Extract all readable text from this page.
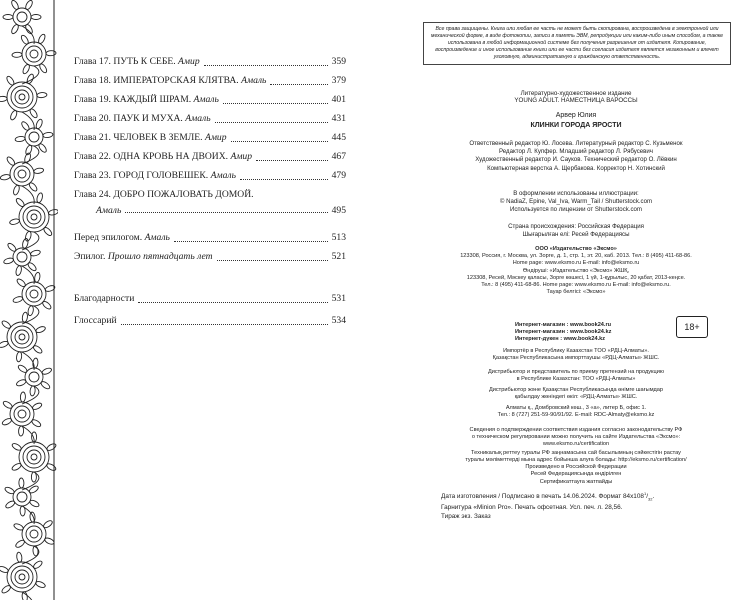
Глава 17. ПУТЬ К СЕБЕ. Амир	359
Глава 18. ИМПЕРАТОРСКАЯ КЛЯТВА. Амаль	379
Глава 19. КАЖДЫЙ ШРАМ. Амаль	401
Глава 20. ПАУК И МУХА. Амаль	431
Глава 21. ЧЕЛОВЕК В ЗЕМЛЕ. Амир	445
Глава 22. ОДНА КРОВЬ НА ДВОИХ. Амир	467
Глава 23. ГОРОД ГОЛОВЕШЕК. Амаль	479
Глава 24. ДОБРО ПОЖАЛОВАТЬ ДОМОЙ.
Амаль	495
Перед эпилогом. Амаль	513
Эпилог. Прошло пятнадцать лет	521
Благодарности	531
Глоссарий	534
Все права защищены. Книга или любая ее часть не может быть скопирована, воспроизведена в электронной или механической форме, в виде фотокопии, записи в память ЭВМ, репродукции или каким-либо иным способом, а также использована в любой информационной системе без получения разрешения от издателя. Копирование, воспроизведение и иное использование книги или ее части без согласия издателя является незаконным и влечет уголовную, административную и гражданскую ответственность.
Литературно-художественное издание
YOUNG ADULT. НАМЕСТНИЦА ВАРОССЫ
Арвер Юлия
КЛИНКИ ГОРОДА ЯРОСТИ
Ответственный редактор Ю. Лосева. Литературный редактор С. Кузьменок
Редактор Л. Купфер. Младший редактор Л. Рябусевич
Художественный редактор И. Сауков. Технический редактор О. Лёвкин
Компьютерная верстка А. Щербакова. Корректор Н. Хотинский
В оформлении использованы иллюстрации:
© NadiaZ, Epine, Val_Iva, Warm_Tail / Shutterstock.com
Используется по лицензии от Shutterstock.com
Страна происхождения: Российская Федерация
Шығарылған елі: Ресей Федерациясы
ООО «Издательство «Эксмо»
123308, Россия, г. Москва, ул. Зорге, д. 1, стр. 1, эт. 20, каб. 2013. Тел.: 8 (495) 411-68-86.
Home page: www.eksmo.ru E-mail: info@eksmo.ru
Өндіруші: «Издательство «Эксмо» ЖШҚ,
123308, Ресей, Мәскеу қаласы, Зорге көшесі, 1 үй, 1-құрылыс, 20 қабат, 2013-кеңсе.
Тел.: 8 (495) 411-68-86. Home page: www.eksmo.ru E-mail: info@eksmo.ru.
Тауар белгісі: «Эксмо»
Интернет-магазин : www.book24.ru
Интернет-магазин : www.book24.kz
Интернет-дүкен : www.book24.kz
18+
Импортёр в Республику Казахстан ТОО «РДЦ-Алматы».
Қазақстан Республикасына импорттаушы «РДЦ-Алматы» ЖШС.
Дистрибьютор и представитель по приему претензий на продукцию
в Республике Казахстан: ТОО «РДЦ-Алматы»
Дистрибьютор және Қазақстан Республикасында өнімге шағымдар
қабылдау жөніндегі өкіл: «РДЦ-Алматы» ЖШС.
Алматы қ., Домбровский көш., 3 «а», литер Б, офис 1.
Тел.: 8 (727) 251-59-90/91/92. E-mail: RDC-Almaty@eksmo.kz
Сведения о подтверждении соответствия издания согласно законодательству РФ
о техническом регулировании можно получить на сайте Издательства «Эксмо»:
www.eksmo.ru/certification
Техникалық реттеу туралы РФ заңнамасына сай басылымның сәйкестігін растау
туралы мәліметтерді мына адрес бойынша алуға болады: http://eksmo.ru/certification/
Произведено в Российской Федерации
Ресей Федерациясында өндірілген
Сертификаттауға жатпайды
Дата изготовления / Подписано в печать 14.06.2024. Формат $84x108^1/_{32}$.
Гарнитура «Minion Pro». Печать офсетная. Усл. печ. л. 28,56.
Тираж экз. Заказ
